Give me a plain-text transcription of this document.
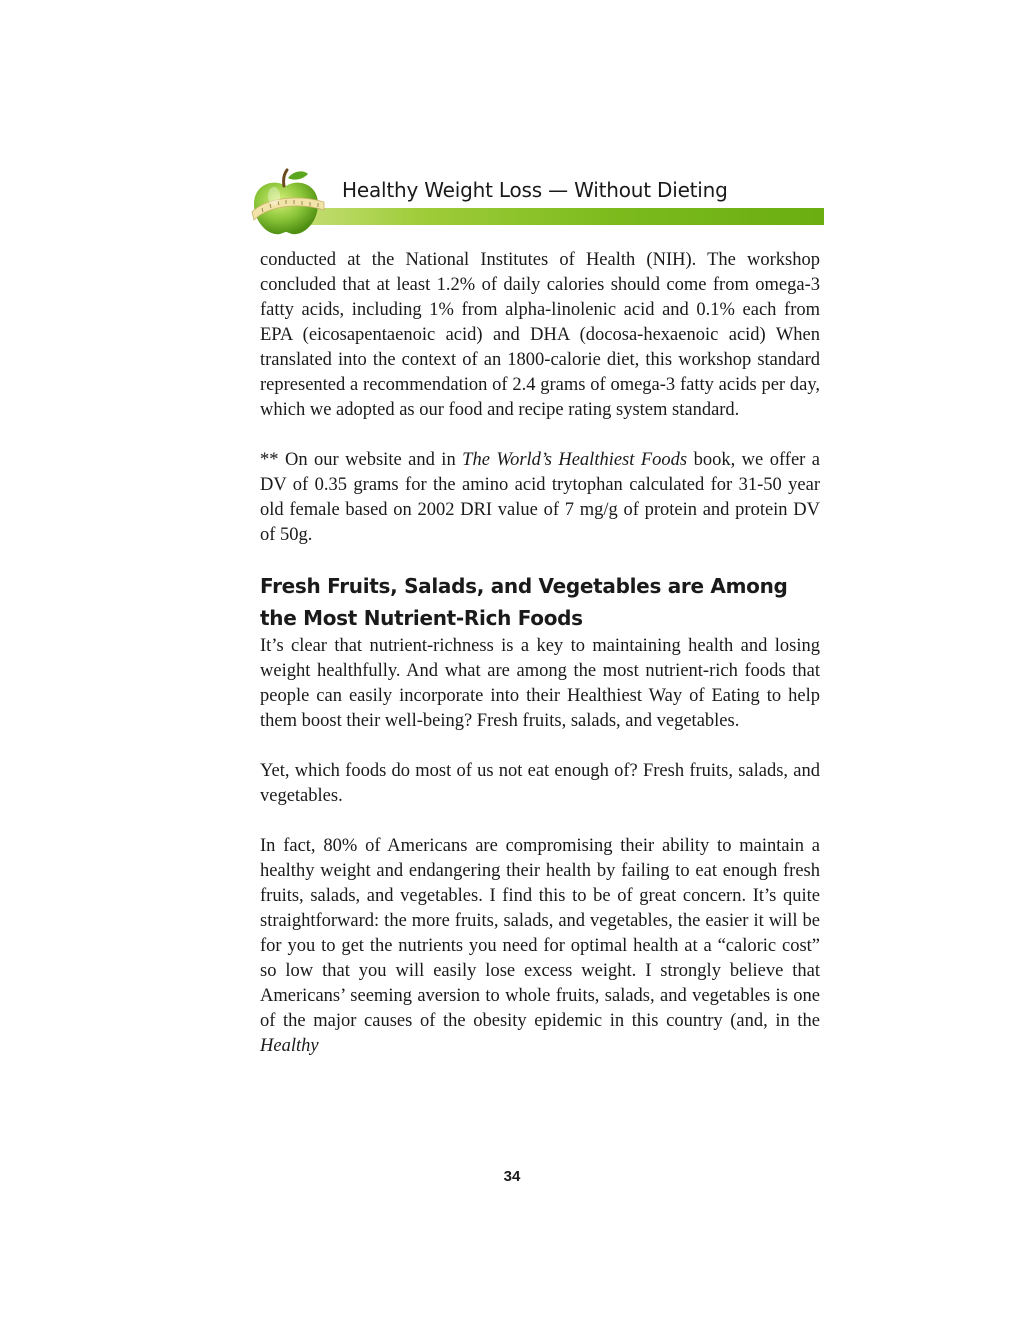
Healthy Weight Loss — Without Dieting

conducted at the National Institutes of Health (NIH). The workshop concluded that at least 1.2% of daily calories should come from omega-3 fatty acids, including 1% from alpha-linolenic acid and 0.1% each from EPA (eicosapentaenoic acid) and DHA (docosa-hexaenoic acid) When translated into the context of an 1800-calorie diet, this workshop standard represented a recommendation of 2.4 grams of omega-3 fatty acids per day, which we adopted as our food and recipe rating system standard.

** On our website and in The World’s Healthiest Foods book, we offer a DV of 0.35 grams for the amino acid trytophan calculated for 31-50 year old female based on 2002 DRI value of 7 mg/g of protein and protein DV of 50g.

Fresh Fruits, Salads, and Vegetables are Among the Most Nutrient-Rich Foods

It’s clear that nutrient-richness is a key to maintaining health and losing weight healthfully. And what are among the most nutrient-rich foods that people can easily incorporate into their Healthiest Way of Eating to help them boost their well-being? Fresh fruits, salads, and vegetables.

Yet, which foods do most of us not eat enough of? Fresh fruits, salads, and vegetables.

In fact, 80% of Americans are compromising their ability to maintain a healthy weight and endangering their health by failing to eat enough fresh fruits, salads, and vegetables. I find this to be of great concern. It’s quite straightforward: the more fruits, salads, and vegetables, the easier it will be for you to get the nutrients you need for optimal health at a “caloric cost” so low that you will easily lose excess weight. I strongly believe that Americans’ seeming aversion to whole fruits, salads, and vegetables is one of the major causes of the obesity epidemic in this country (and, in the Healthy

34
